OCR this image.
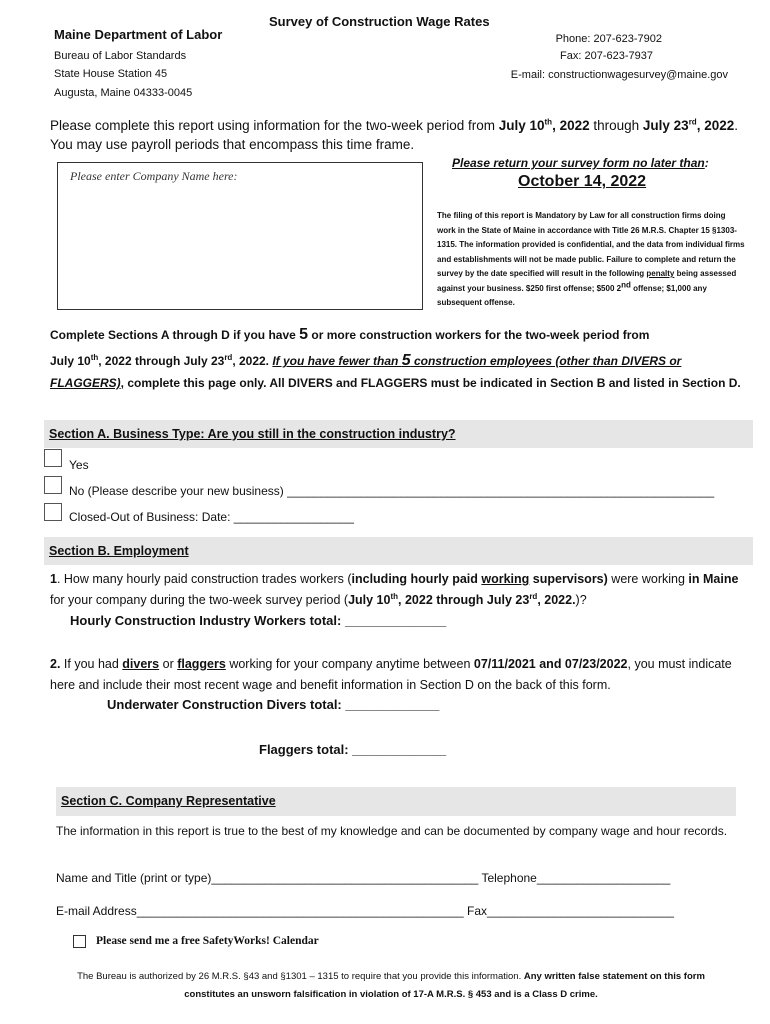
Maine Department of Labor
Bureau of Labor Standards
State House Station 45
Augusta, Maine 04333-0045
Survey of Construction Wage Rates
Phone: 207-623-7902
Fax: 207-623-7937
E-mail: constructionwagesurvey@maine.gov
Please complete this report using information for the two-week period from July 10th, 2022 through July 23rd, 2022. You may use payroll periods that encompass this time frame.
Please enter Company Name here:
Please return your survey form no later than:
October 14, 2022
The filing of this report is Mandatory by Law for all construction firms doing work in the State of Maine in accordance with Title 26 M.R.S. Chapter 15 §1303-1315. The information provided is confidential, and the data from individual firms and establishments will not be made public. Failure to complete and return the survey by the date specified will result in the following penalty being assessed against your business. $250 first offense; $500 2nd offense; $1,000 any subsequent offense.
Complete Sections A through D if you have 5 or more construction workers for the two-week period from
July 10th, 2022 through July 23rd, 2022. If you have fewer than 5 construction employees (other than DIVERS or FLAGGERS), complete this page only. All DIVERS and FLAGGERS must be indicated in Section B and listed in Section D.
Section A. Business Type: Are you still in the construction industry?
Yes
No (Please describe your new business) ________________________________________________________________
Closed-Out of Business: Date: __________________
Section B. Employment
1. How many hourly paid construction trades workers (including hourly paid working supervisors) were working in Maine for your company during the two-week survey period (July 10th, 2022 through July 23rd, 2022.)?
Hourly Construction Industry Workers total: ______________
2. If you had divers or flaggers working for your company anytime between 07/11/2021 and 07/23/2022, you must indicate here and include their most recent wage and benefit information in Section D on the back of this form.
Underwater Construction Divers total: _____________
Flaggers total: _____________
Section C. Company Representative
The information in this report is true to the best of my knowledge and can be documented by company wage and hour records.
Name and Title (print or type)________________________________________ Telephone____________________
E-mail Address_________________________________________________ Fax____________________________
Please send me a free SafetyWorks! Calendar
The Bureau is authorized by 26 M.R.S. §43 and §1301 – 1315 to require that you provide this information. Any written false statement on this form constitutes an unsworn falsification in violation of 17-A M.R.S. § 453 and is a Class D crime.
